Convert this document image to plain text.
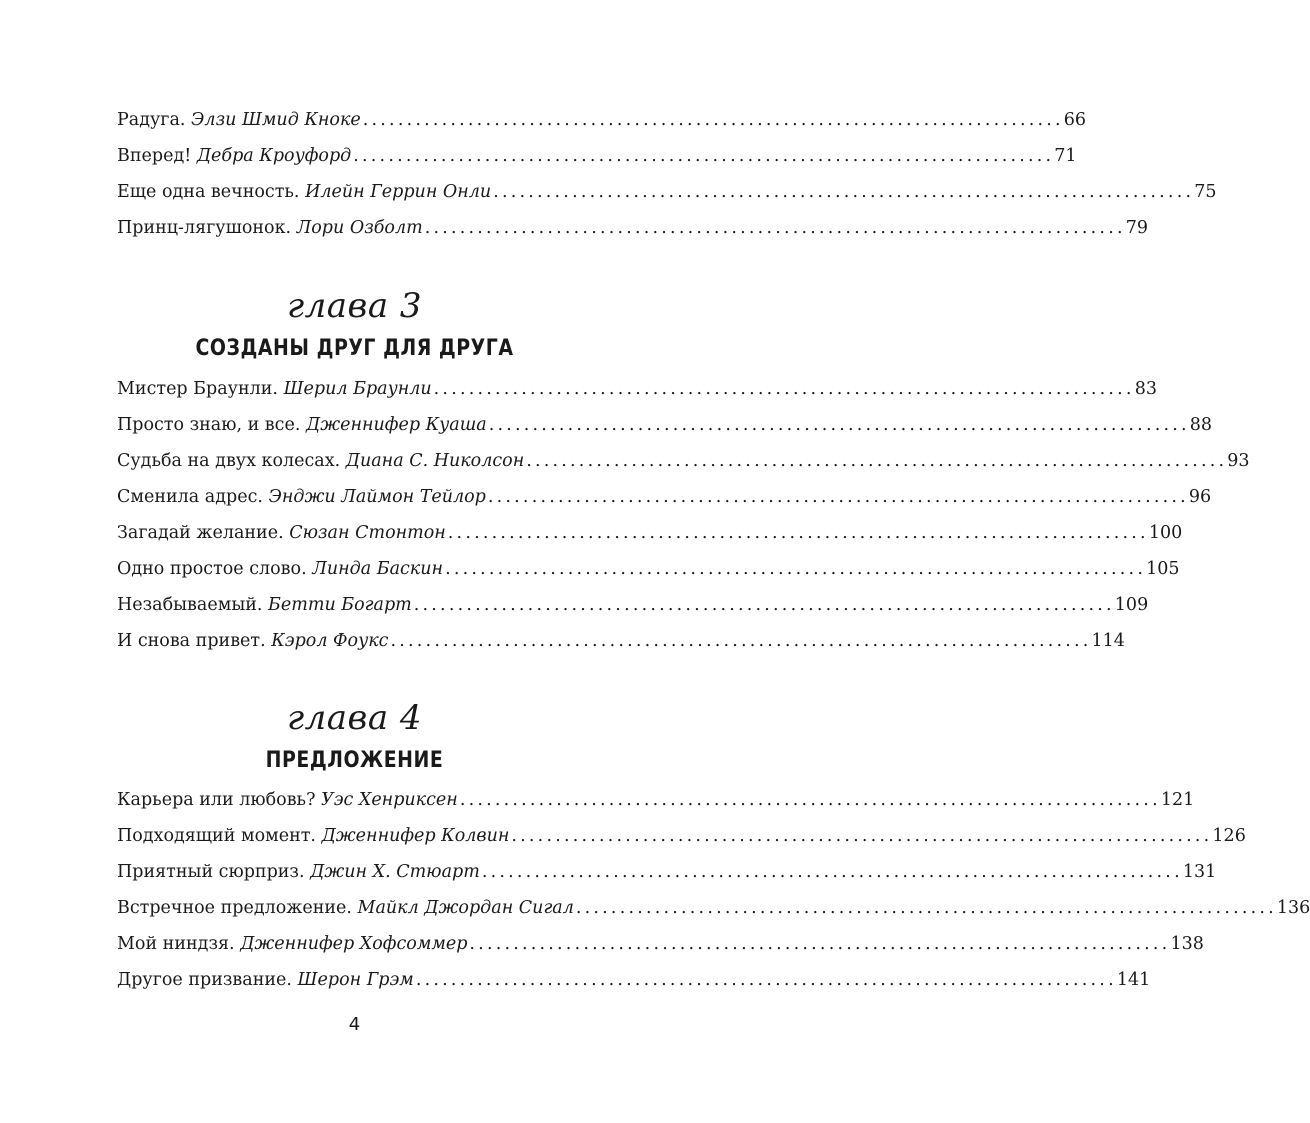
Радуга.
Элзи Шмид Кноке ................................................................................ 66
Вперед!
Дебра Кроуфорд ................................................................................ 71
Еще одна вечность.
Илейн Геррин Онли ................................................................................ 75
Принц-лягушонок.
Лори Озболт ................................................................................ 79
глава 3
СОЗДАНЫ ДРУГ ДЛЯ ДРУГА
Мистер Браунли.
Шерил Браунли ................................................................................ 83
Просто знаю, и все.
Дженнифер Куаша ................................................................................ 88
Судьба на двух колесах.
Диана С. Николсон ................................................................................ 93
Сменила адрес.
Энджи Лаймон Тейлор ................................................................................ 96
Загадай желание.
Сюзан Стонтон ................................................................................ 100
Одно простое слово.
Линда Баскин ................................................................................ 105
Незабываемый.
Бетти Богарт ................................................................................ 109
И снова привет.
Кэрол Фоукс ................................................................................ 114
глава 4
ПРЕДЛОЖЕНИЕ
Карьера или любовь?
Уэс Хенриксен ................................................................................ 121
Подходящий момент.
Дженнифер Колвин ................................................................................ 126
Приятный сюрприз.
Джин Х. Стюарт ................................................................................ 131
Встречное предложение.
Майкл Джордан Сигал ................................................................................ 136
Мой ниндзя.
Дженнифер Хофсоммер ................................................................................ 138
Другое призвание.
Шерон Грэм ................................................................................ 141
4
